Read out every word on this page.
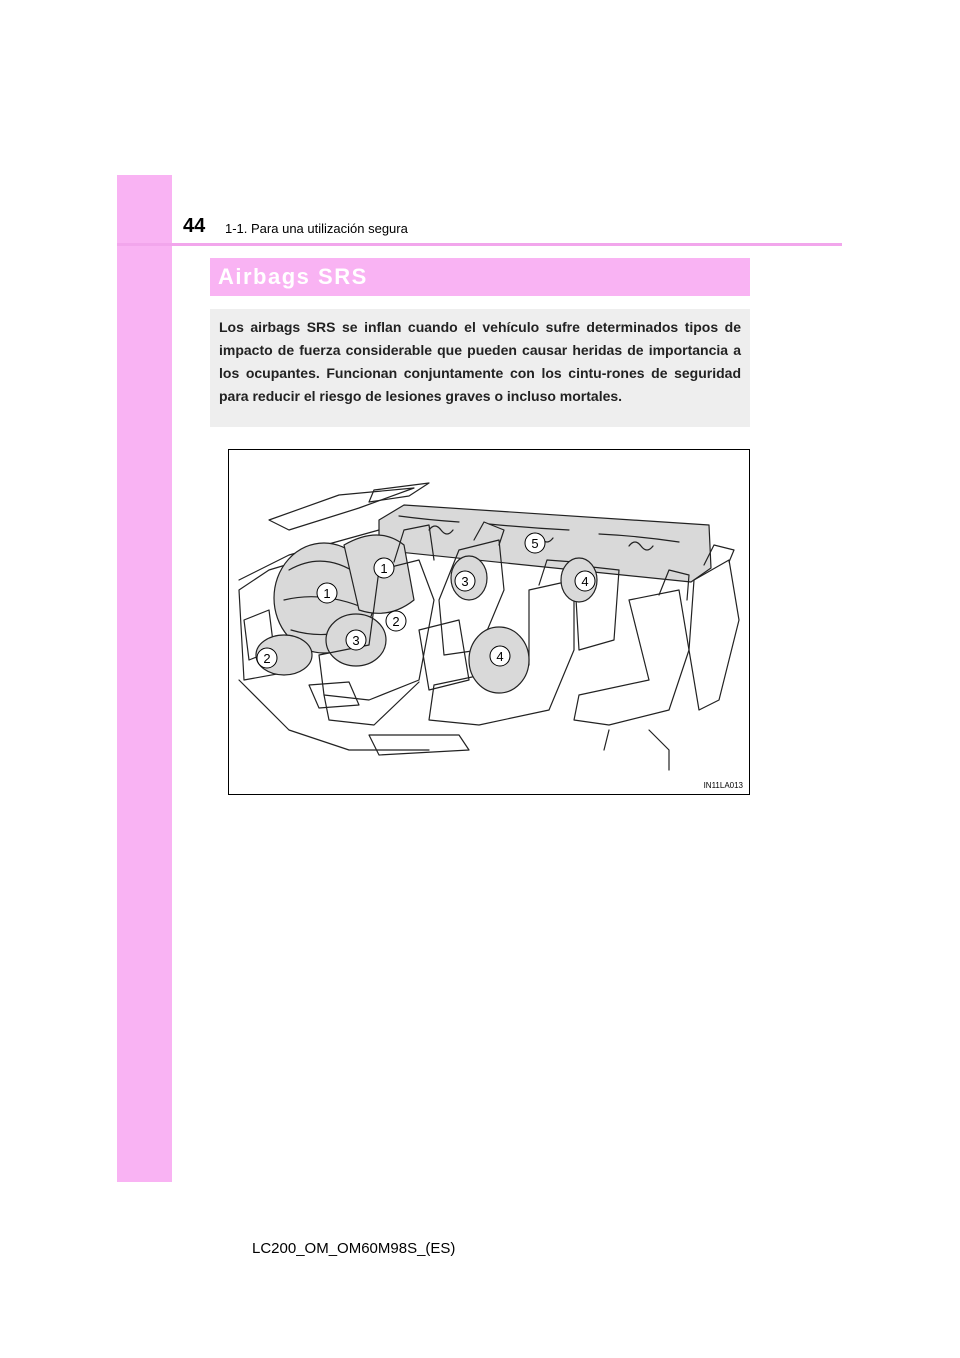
44 1-1. Para una utilización segura
Airbags SRS

Los airbags SRS se inflan cuando el vehículo sufre determinados tipos de impacto de fuerza considerable que pueden causar heridas de importancia a los ocupantes. Funcionan conjuntamente con los cintu-rones de seguridad para reducir el riesgo de lesiones graves o incluso mortales.

1
1
2
2
3
3
4
4
5
IN11LA013
LC200_OM_OM60M98S_(ES)
